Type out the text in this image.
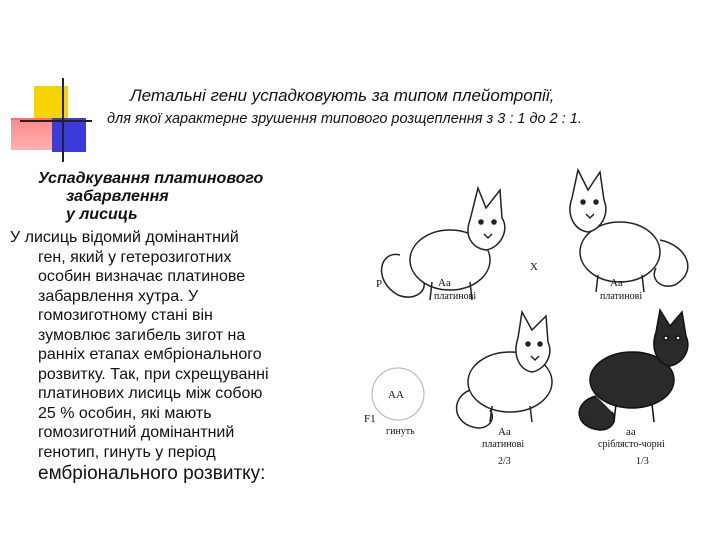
Летальні гени успадковують за типом плейотропії,
для якої характерне зрушення типового розщеплення з 3 : 1 до 2 : 1.
Успадкування платинового
забарвлення
у лисиць
У лисиць відомий домінантний
ген, який у гетерозиготних
особин визначає платинове
забарвлення хутра. У
гомозиготному стані він
зумовлює загибель зигот на
ранніх етапах ембріонального
розвитку. Так, при схрещуванні
платинових лисиць між собою
25 % особин, які мають
гомозиготний домінантний
генотип, гинуть у період
ембріонального розвитку:
P	Aa
платинові
X
Aa
платинові
AA
F1
гинуть	Aa
платинові
2/3
aa
сріблясто-чорні
1/3
